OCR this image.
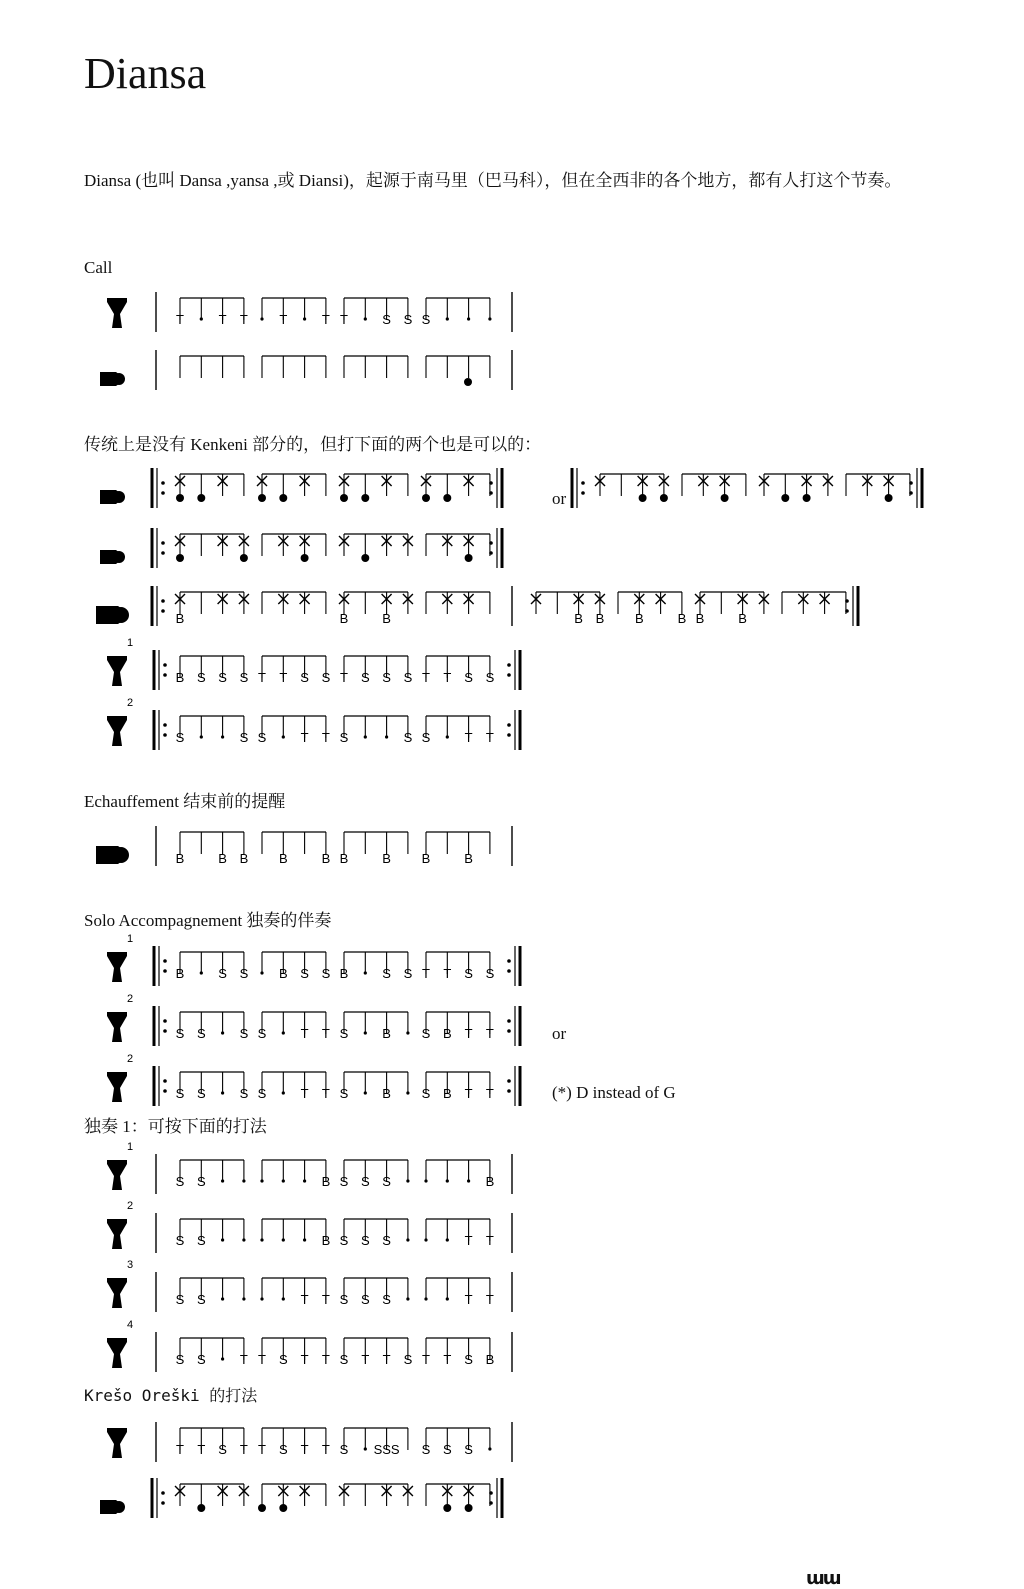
Diansa
Diansa (也叫 Dansa ,yansa ,或 Diansi)，起源于南马里（巴马科），但在全西非的各个地方，都有人打这个节奏。
Call
传统上是没有 Kenkeni 部分的，但打下面的两个也是可以的：
Echauffement 结束前的提醒
Solo Accompagnement 独奏的伴奏
独奏 1：可按下面的打法
Krešo Oreški 的打法
or
or
(*) D instead of G
T	T T T	T T	S S S
B	B	B	B B B	B B	B
1
B S S S T T S S T S S S T T S S
2
S	S S	T T S	S S	T T
B	B B B	B B	B B	B
1
B	S S B S S B	S S T T S S
2
S S	S S	T T S	B S B T T
2
S S	S S	T T S	B S B T T
1
S S	B S S S	B
2
S S	B S S S	T T
3
S S	T T S S S	T T
4
S S	T T S T T S T T S T T S B
T T S T T S T T S SSS S S S
ɯɯ
